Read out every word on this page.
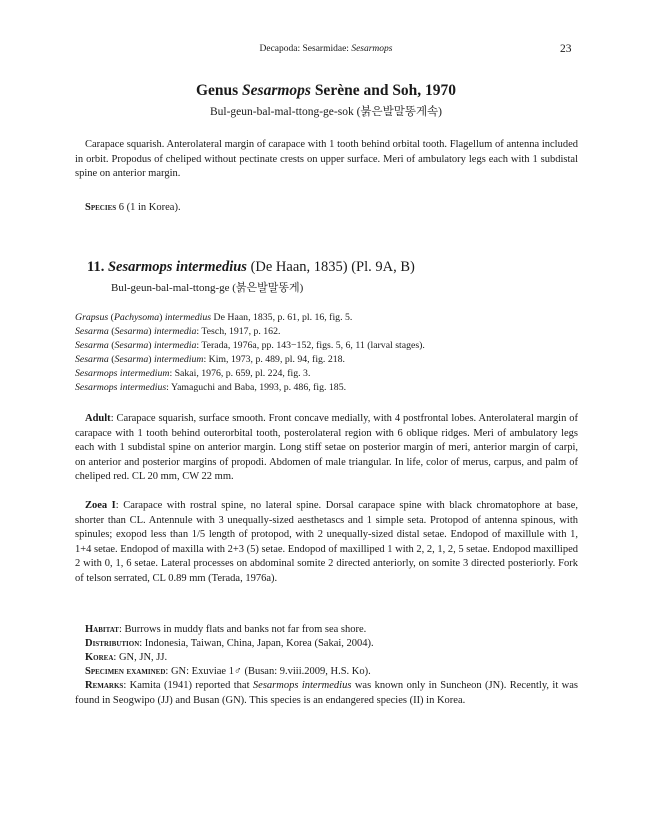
Decapoda: Sesarmidae: Sesarmops	23
Genus Sesarmops Serène and Soh, 1970
Bul-geun-bal-mal-ttong-ge-sok (붉은발말똥게속)
Carapace squarish. Anterolateral margin of carapace with 1 tooth behind orbital tooth. Flagellum of antenna included in orbit. Propodus of cheliped without pectinate crests on upper surface. Meri of ambulatory legs each with 1 subdistal spine on anterior margin.
Species 6 (1 in Korea).
11. Sesarmops intermedius (De Haan, 1835) (Pl. 9A, B)
Bul-geun-bal-mal-ttong-ge (붉은발말똥게)
Grapsus (Pachysoma) intermedius De Haan, 1835, p. 61, pl. 16, fig. 5.
Sesarma (Sesarma) intermedia: Tesch, 1917, p. 162.
Sesarma (Sesarma) intermedia: Terada, 1976a, pp. 143−152, figs. 5, 6, 11 (larval stages).
Sesarma (Sesarma) intermedium: Kim, 1973, p. 489, pl. 94, fig. 218.
Sesarmops intermedium: Sakai, 1976, p. 659, pl. 224, fig. 3.
Sesarmops intermedius: Yamaguchi and Baba, 1993, p. 486, fig. 185.
Adult: Carapace squarish, surface smooth. Front concave medially, with 4 postfrontal lobes. Anterolateral margin of carapace with 1 tooth behind outerorbital tooth, posterolateral region with 6 oblique ridges. Meri of ambulatory legs each with 1 subdistal spine on anterior margin. Long stiff setae on posterior margin of meri, anterior margin of carpi, on anterior and posterior margins of propodi. Abdomen of male triangular. In life, color of merus, carpus, and palm of cheliped red. CL 20 mm, CW 22 mm.
Zoea I: Carapace with rostral spine, no lateral spine. Dorsal carapace spine with black chromatophore at base, shorter than CL. Antennule with 3 unequally-sized aesthetascs and 1 simple seta. Protopod of antenna spinous, with spinules; exopod less than 1/5 length of protopod, with 2 unequally-sized distal setae. Endopod of maxillule with 1, 1+4 setae. Endopod of maxilla with 2+3 (5) setae. Endopod of maxilliped 1 with 2, 2, 1, 2, 5 setae. Endopod maxilliped 2 with 0, 1, 6 setae. Lateral processes on abdominal somite 2 directed anteriorly, on somite 3 directed posteriorly. Fork of telson serrated, CL 0.89 mm (Terada, 1976a).
Habitat: Burrows in muddy flats and banks not far from sea shore.
Distribution: Indonesia, Taiwan, China, Japan, Korea (Sakai, 2004).
Korea: GN, JN, JJ.
Specimen examined: GN: Exuviae 1♂ (Busan: 9.viii.2009, H.S. Ko).
Remarks: Kamita (1941) reported that Sesarmops intermedius was known only in Suncheon (JN). Recently, it was found in Seogwipo (JJ) and Busan (GN). This species is an endangered species (II) in Korea.
